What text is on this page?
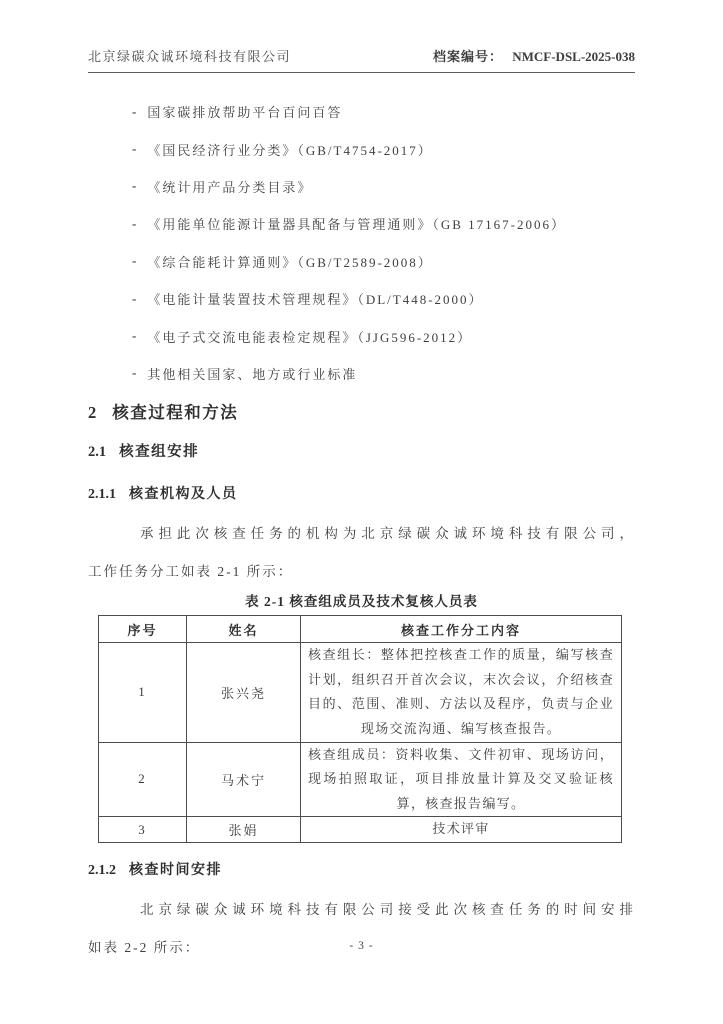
北京绿碳众诚环境科技有限公司	档案编号： NMCF-DSL-2025-038
- 国家碳排放帮助平台百问百答
- 《国民经济行业分类》（GB/T4754-2017）
- 《统计用产品分类目录》
- 《用能单位能源计量器具配备与管理通则》（GB 17167-2006）
- 《综合能耗计算通则》（GB/T2589-2008）
- 《电能计量装置技术管理规程》（DL/T448-2000）
- 《电子式交流电能表检定规程》（JJG596-2012）
- 其他相关国家、地方或行业标准
2 核查过程和方法
2.1 核查组安排
2.1.1 核查机构及人员
承担此次核查任务的机构为北京绿碳众诚环境科技有限公司，
工作任务分工如表 2-1 所示：

表 2-1 核查组成员及技术复核人员表

序号	姓名	核查工作分工内容
1	张兴尧	核查组长：整体把控核查工作的质量，编写核查计划，组织召开首次会议，末次会议，介绍核查目的、范围、准则、方法以及程序，负责与企业现场交流沟通、编写核查报告。
2	马术宁	核查组成员：资料收集、文件初审、现场访问，现场拍照取证，项目排放量计算及交叉验证核算，核查报告编写。
3	张娟	技术评审
2.1.2 核查时间安排
北京绿碳众诚环境科技有限公司接受此次核查任务的时间安排
如表 2-2 所示：	- 3 -
